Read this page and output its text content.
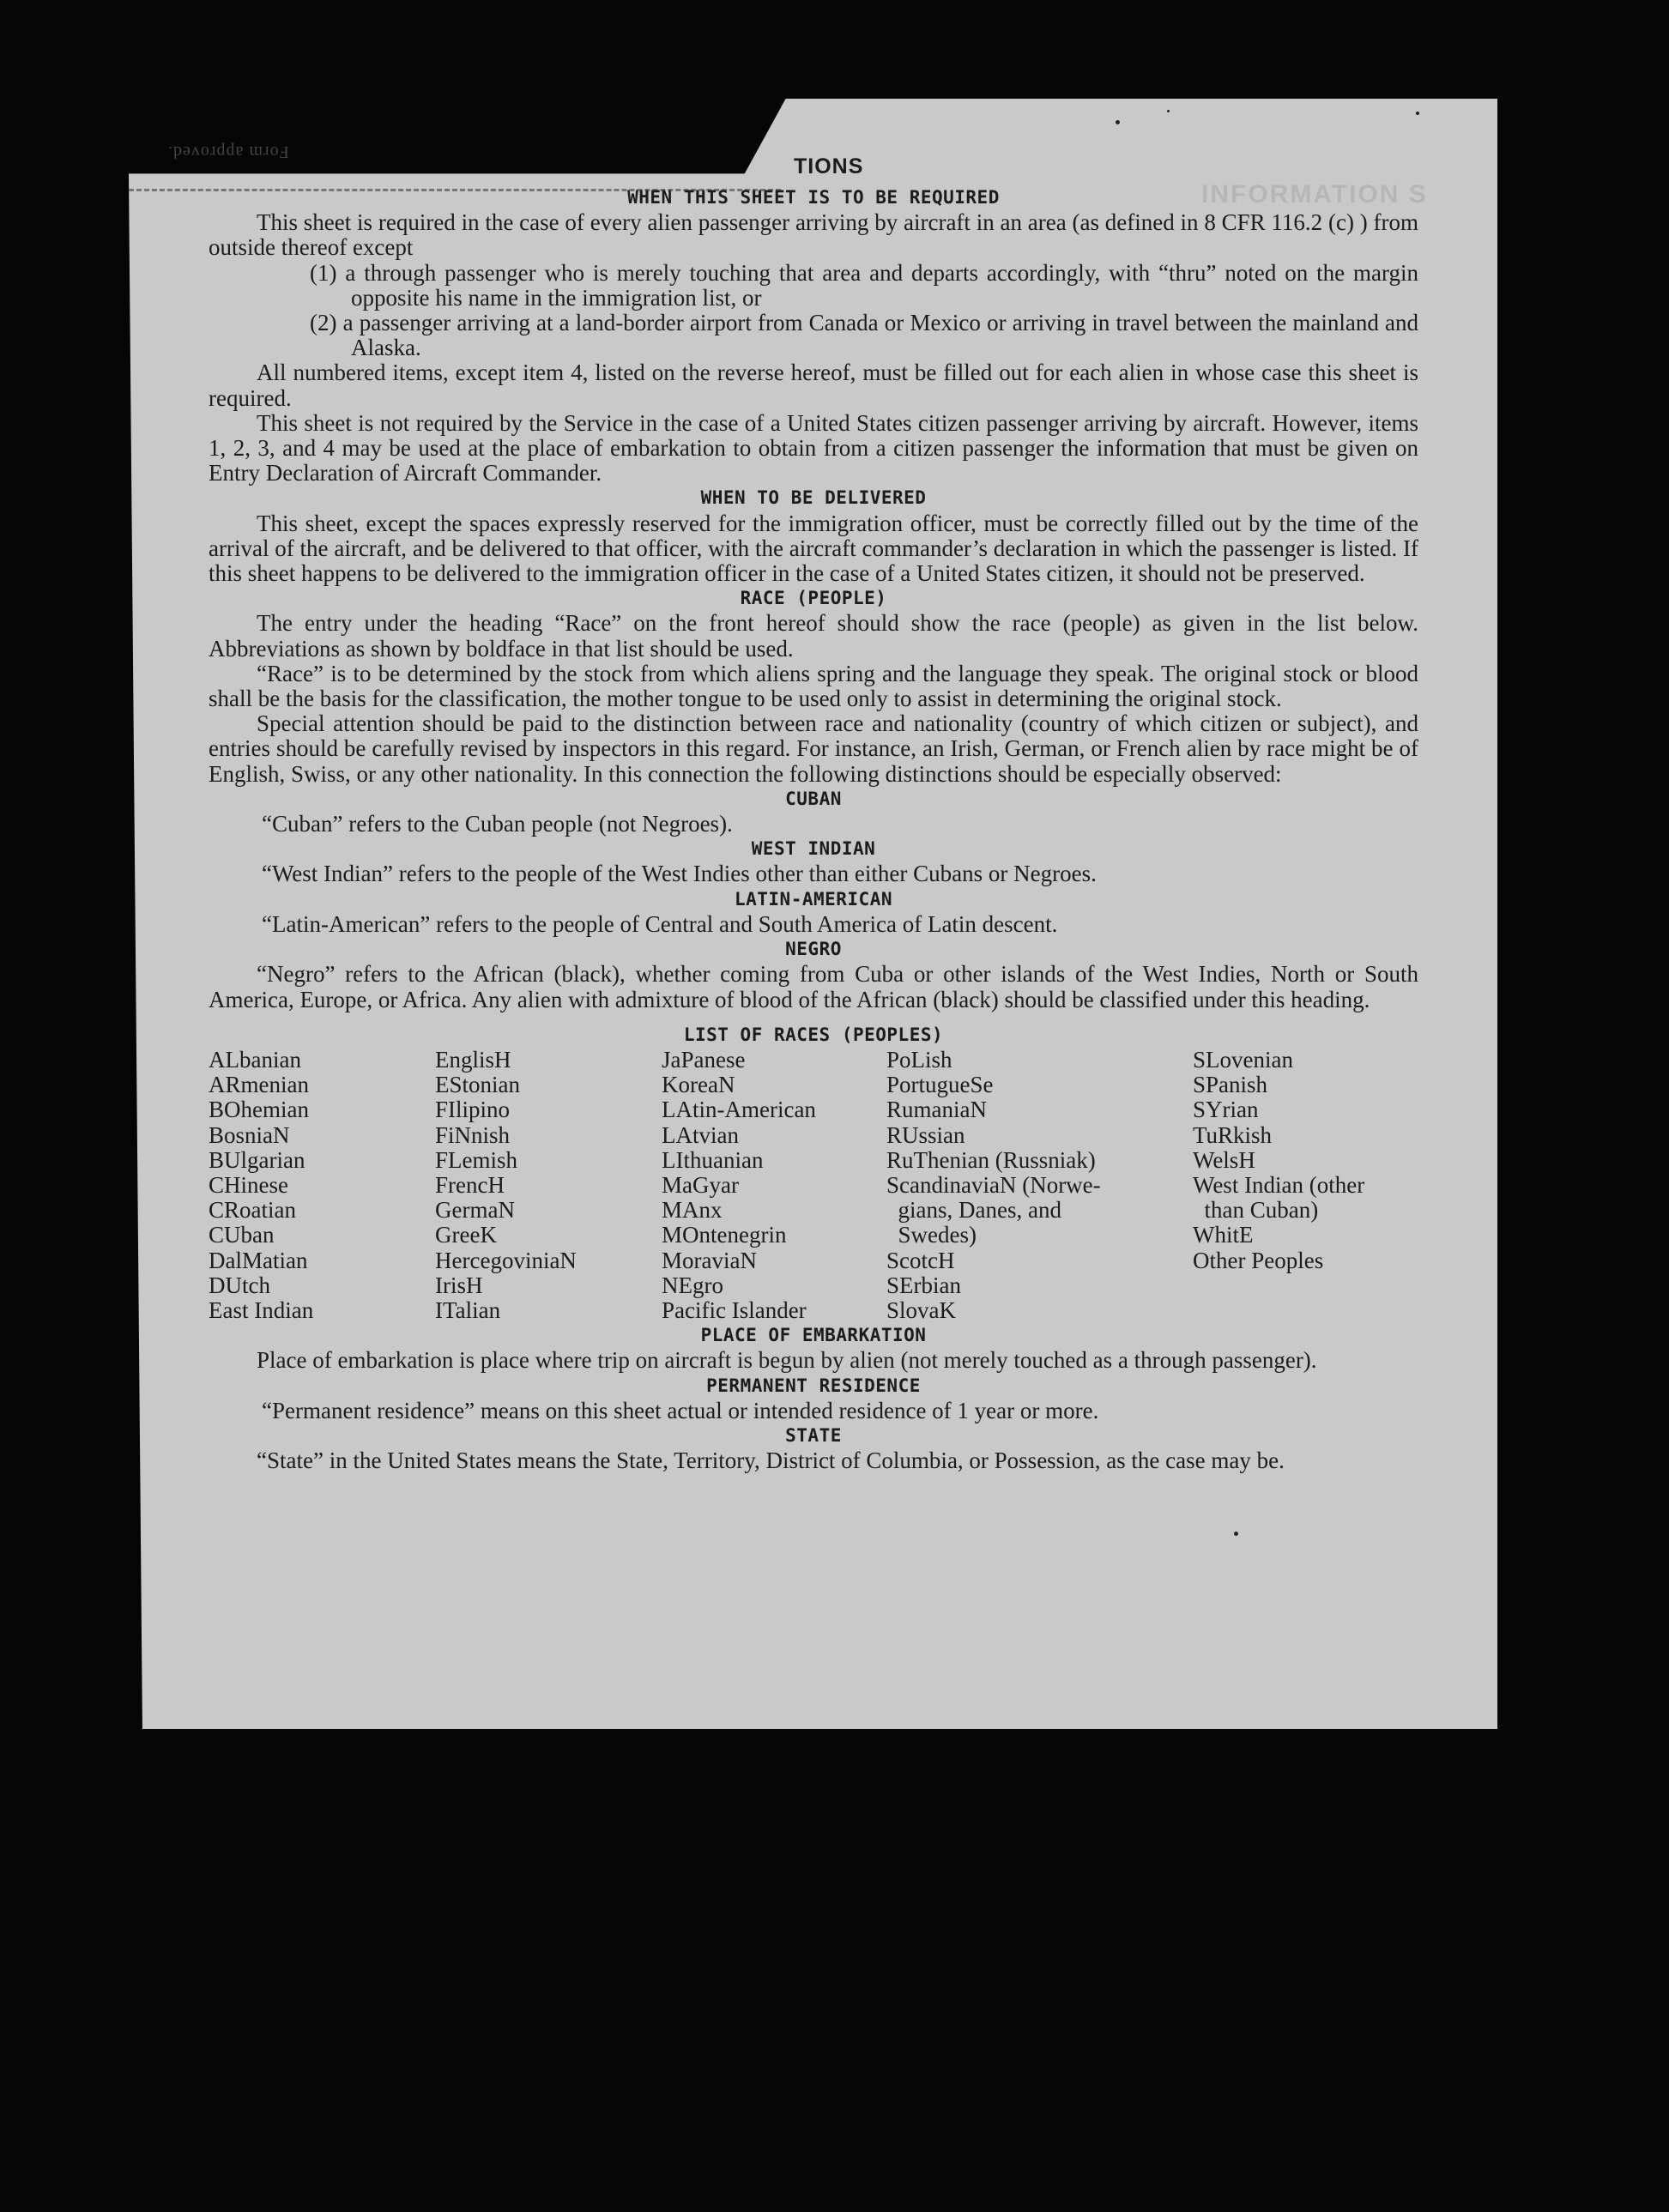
Form approved.
INFORMATION S
TIONS
WHEN THIS SHEET IS TO BE REQUIRED

This sheet is required in the case of every alien passenger arriving by aircraft in an area (as defined in 8 CFR 116.2 (c) ) from outside thereof except

(1) a through passenger who is merely touching that area and departs accordingly, with “thru” noted on the margin opposite his name in the immigration list, or

(2) a passenger arriving at a land-border airport from Canada or Mexico or arriving in travel between the mainland and Alaska.

All numbered items, except item 4, listed on the reverse hereof, must be filled out for each alien in whose case this sheet is required.

This sheet is not required by the Service in the case of a United States citizen passenger arriving by aircraft. However, items 1, 2, 3, and 4 may be used at the place of embarkation to obtain from a citizen passenger the information that must be given on Entry Declaration of Aircraft Commander.

WHEN TO BE DELIVERED

This sheet, except the spaces expressly reserved for the immigration officer, must be correctly filled out by the time of the arrival of the aircraft, and be delivered to that officer, with the aircraft commander’s declaration in which the passenger is listed. If this sheet happens to be delivered to the immigration officer in the case of a United States citizen, it should not be preserved.

RACE (PEOPLE)

The entry under the heading “Race” on the front hereof should show the race (people) as given in the list below. Abbreviations as shown by boldface in that list should be used.

“Race” is to be determined by the stock from which aliens spring and the language they speak. The original stock or blood shall be the basis for the classification, the mother tongue to be used only to assist in determining the original stock.

Special attention should be paid to the distinction between race and nationality (country of which citizen or subject), and entries should be carefully revised by inspectors in this regard. For instance, an Irish, German, or French alien by race might be of English, Swiss, or any other nationality. In this connection the following distinctions should be especially observed:

CUBAN

“Cuban” refers to the Cuban people (not Negroes).

WEST INDIAN

“West Indian” refers to the people of the West Indies other than either Cubans or Negroes.

LATIN-AMERICAN

“Latin-American” refers to the people of Central and South America of Latin descent.

NEGRO

“Negro” refers to the African (black), whether coming from Cuba or other islands of the West Indies, North or South America, Europe, or Africa. Any alien with admixture of blood of the African (black) should be classified under this heading.

LIST OF RACES (PEOPLES)
ALbanian
ARmenian
BOhemian
BosniaN
BUlgarian
CHinese
CRoatian
CUban
DalMatian
DUtch
East Indian
EnglisH
EStonian
FIlipino
FiNnish
FLemish
FrencH
GermaN
GreeK
HercegoviniaN
IrisH
ITalian
JaPanese
KoreaN
LAtin-American
LAtvian
LIthuanian
MaGyar
MAnx
MOntenegrin
MoraviaN
NEgro
Pacific Islander
PoLish
PortugueSe
RumaniaN
RUssian
RuThenian (Russniak)
ScandinaviaN (Norwe-
gians, Danes, and
Swedes)
ScotcH
SErbian
SlovaK
SLovenian
SPanish
SYrian
TuRkish
WelsH
West Indian (other
than Cuban)
WhitE
Other Peoples
PLACE OF EMBARKATION

Place of embarkation is place where trip on aircraft is begun by alien (not merely touched as a through passenger).

PERMANENT RESIDENCE

“Permanent residence” means on this sheet actual or intended residence of 1 year or more.

STATE

“State” in the United States means the State, Territory, District of Columbia, or Possession, as the case may be.
